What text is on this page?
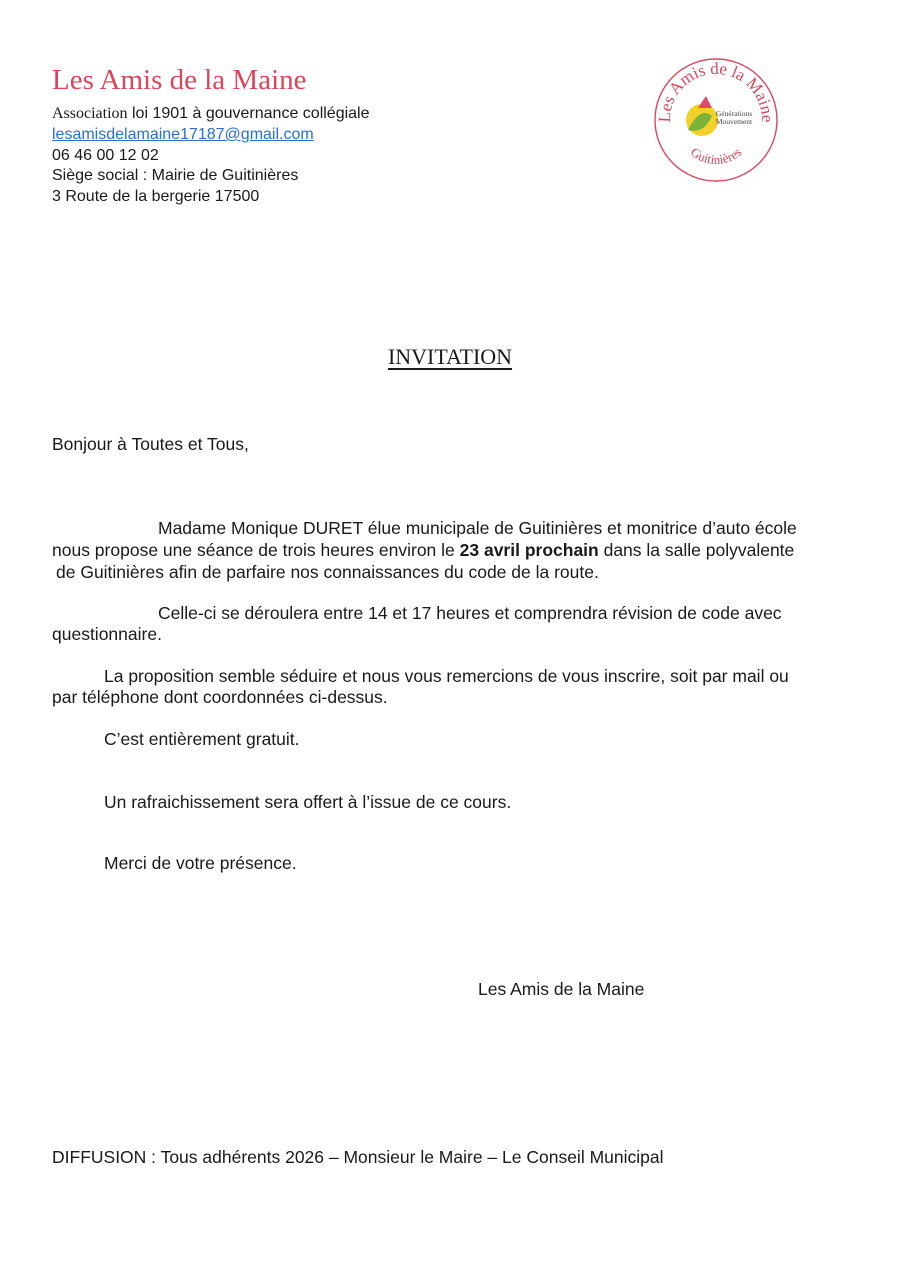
Les Amis de la Maine
Association loi 1901 à gouvernance collégiale
lesamisdelamaine17187@gmail.com
06 46 00 12 02
Siège social : Mairie de Guitinières
3 Route de la bergerie 17500
Les Amis de la Maine
Guitinières
Générations
Mouvement
INVITATION
Bonjour à Toutes et Tous,
Madame Monique DURET élue municipale de Guitinières et monitrice d’auto école
nous propose une séance de trois heures environ le 23 avril prochain dans la salle polyvalente
de Guitinières afin de parfaire nos connaissances du code de la route.
Celle-ci se déroulera entre 14 et 17 heures et comprendra révision de code avec
questionnaire.
La proposition semble séduire et nous vous remercions de vous inscrire, soit par mail ou
par téléphone dont coordonnées ci-dessus.
C’est entièrement gratuit.
Un rafraichissement sera offert à l’issue de ce cours.
Merci de votre présence.
Les Amis de la Maine
DIFFUSION : Tous adhérents 2026 – Monsieur le Maire – Le Conseil Municipal
